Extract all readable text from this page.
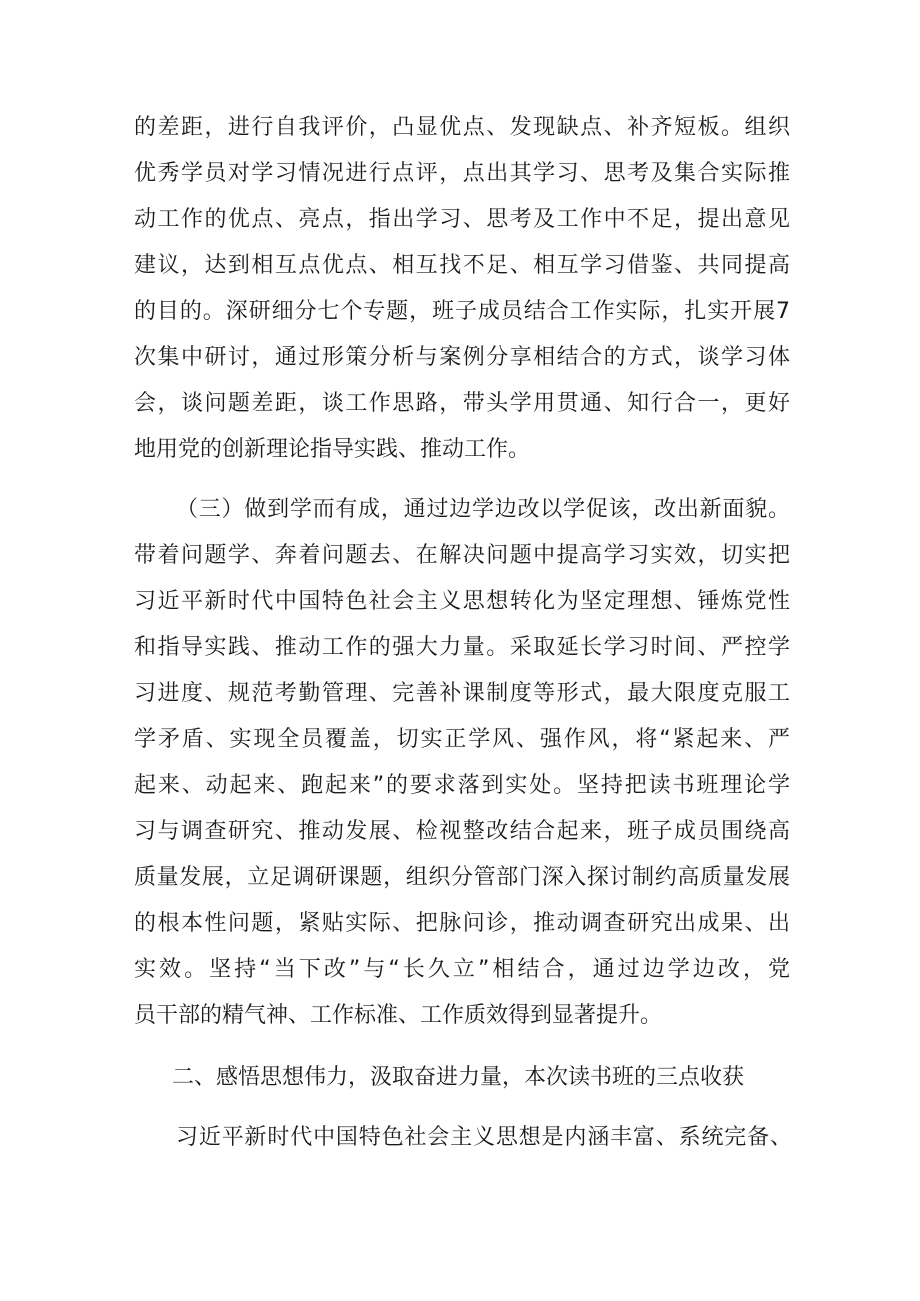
的差距，进行自我评价，凸显优点、发现缺点、补齐短板。组织
优秀学员对学习情况进行点评，点出其学习、思考及集合实际推
动工作的优点、亮点，指出学习、思考及工作中不足，提出意见
建议，达到相互点优点、相互找不足、相互学习借鉴、共同提高
的目的。深研细分七个专题，班子成员结合工作实际，扎实开展7
次集中研讨，通过形策分析与案例分享相结合的方式，谈学习体
会，谈问题差距，谈工作思路，带头学用贯通、知行合一，更好
地用党的创新理论指导实践、推动工作。
（三）做到学而有成，通过边学边改以学促该，改出新面貌。
带着问题学、奔着问题去、在解决问题中提高学习实效，切实把
习近平新时代中国特色社会主义思想转化为坚定理想、锤炼党性
和指导实践、推动工作的强大力量。采取延长学习时间、严控学
习进度、规范考勤管理、完善补课制度等形式，最大限度克服工
学矛盾、实现全员覆盖，切实正学风、强作风，将“紧起来、严
起来、动起来、跑起来”的要求落到实处。坚持把读书班理论学
习与调查研究、推动发展、检视整改结合起来，班子成员围绕高
质量发展，立足调研课题，组织分管部门深入探讨制约高质量发展
的根本性问题，紧贴实际、把脉问诊，推动调查研究出成果、出
实效。坚持“当下改”与“长久立”相结合，通过边学边改，党
员干部的精气神、工作标准、工作质效得到显著提升。
二、感悟思想伟力，汲取奋进力量，本次读书班的三点收获
习近平新时代中国特色社会主义思想是内涵丰富、系统完备、
